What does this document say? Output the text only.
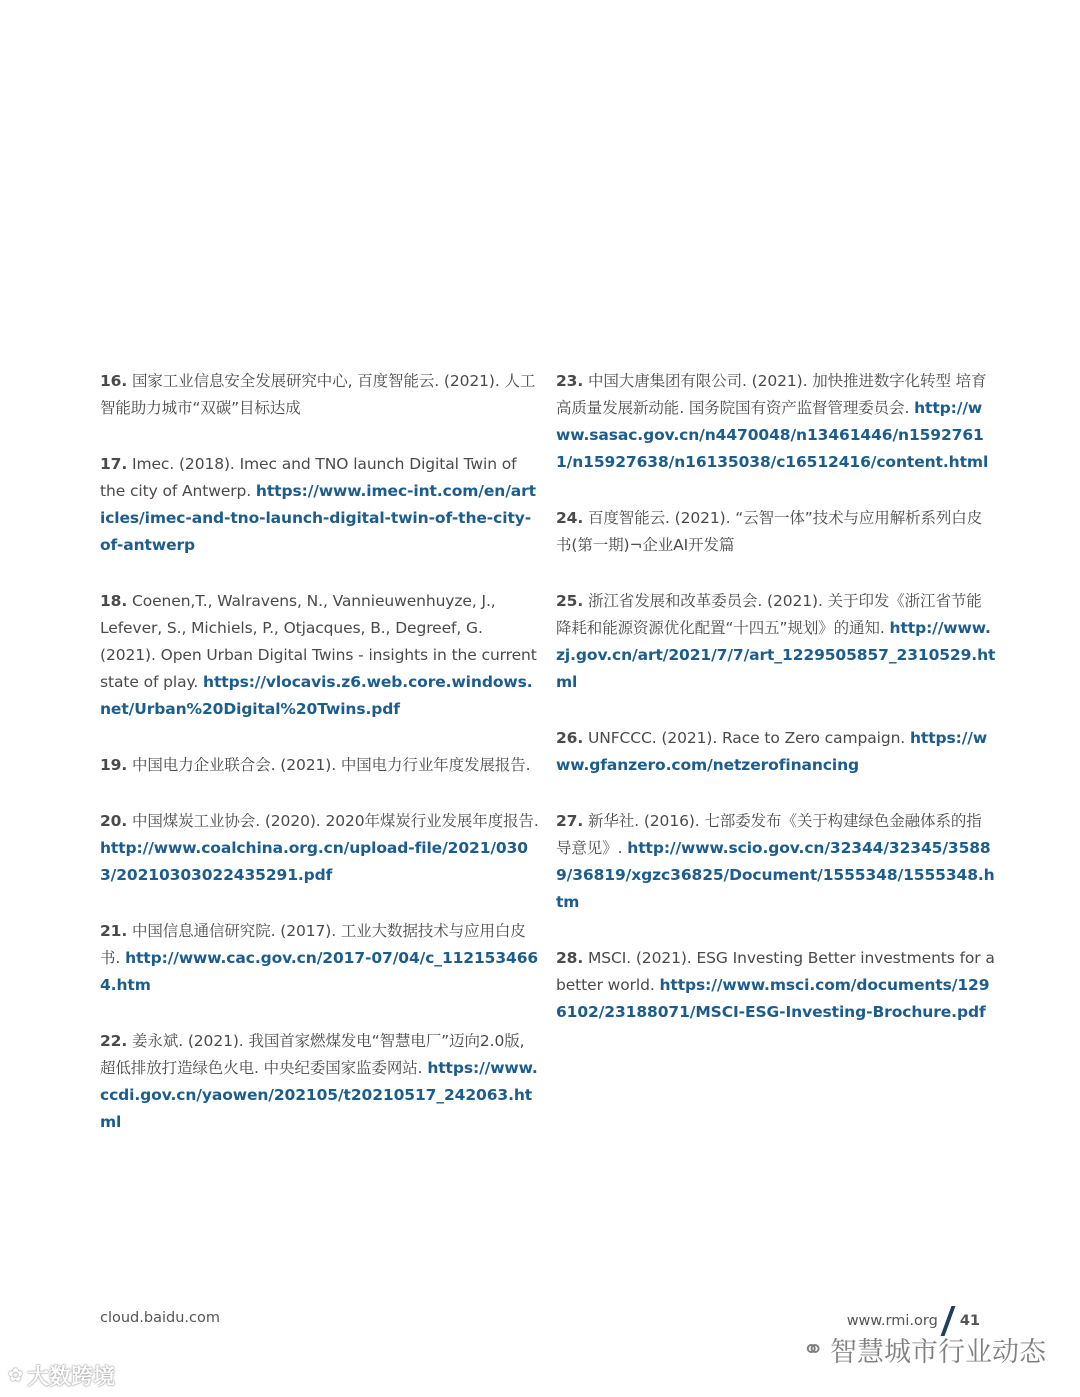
16. 国家工业信息安全发展研究中心, 百度智能云. (2021). 人工智能助力城市“双碳”目标达成

17. Imec. (2018). Imec and TNO launch Digital Twin of the city of Antwerp. https://www.imec-int.com/en/articles/imec-and-tno-launch-digital-twin-of-the-city-of-antwerp

18. Coenen,T., Walravens, N., Vannieuwenhuyze, J., Lefever, S., Michiels, P., Otjacques, B., Degreef, G. (2021). Open Urban Digital Twins - insights in the current state of play. https://vlocavis.z6.web.core.windows.net/Urban%20Digital%20Twins.pdf

19. 中国电力企业联合会. (2021). 中国电力行业年度发展报告.

20. 中国煤炭工业协会. (2020). 2020年煤炭行业发展年度报告. http://www.coalchina.org.cn/upload-file/2021/0303/20210303022435291.pdf

21. 中国信息通信研究院. (2017). 工业大数据技术与应用白皮书. http://www.cac.gov.cn/2017-07/04/c_1121534664.htm

22. 姜永斌. (2021). 我国首家燃煤发电“智慧电厂”迈向2.0版, 超低排放打造绿色火电. 中央纪委国家监委网站. https://www.ccdi.gov.cn/yaowen/202105/t20210517_242063.html

23. 中国大唐集团有限公司. (2021). 加快推进数字化转型 培育高质量发展新动能. 国务院国有资产监督管理委员会. http://www.sasac.gov.cn/n4470048/n13461446/n15927611/n15927638/n16135038/c16512416/content.html

24. 百度智能云. (2021). “云智一体”技术与应用解析系列白皮书(第一期)¬企业AI开发篇

25. 浙江省发展和改革委员会. (2021). 关于印发《浙江省节能降耗和能源资源优化配置“十四五”规划》的通知. http://www.zj.gov.cn/art/2021/7/7/art_1229505857_2310529.html

26. UNFCCC. (2021). Race to Zero campaign. https://www.gfanzero.com/netzerofinancing

27. 新华社. (2016). 七部委发布《关于构建绿色金融体系的指导意见》. http://www.scio.gov.cn/32344/32345/35889/36819/xgzc36825/Document/1555348/1555348.htm

28. MSCI. (2021). ESG Investing Better investments for a better world. https://www.msci.com/documents/1296102/23188071/MSCI-ESG-Investing-Brochure.pdf

cloud.baidu.com	www.rmi.org 41
⚭ 智慧城市行业动态
✿ 大数跨境
